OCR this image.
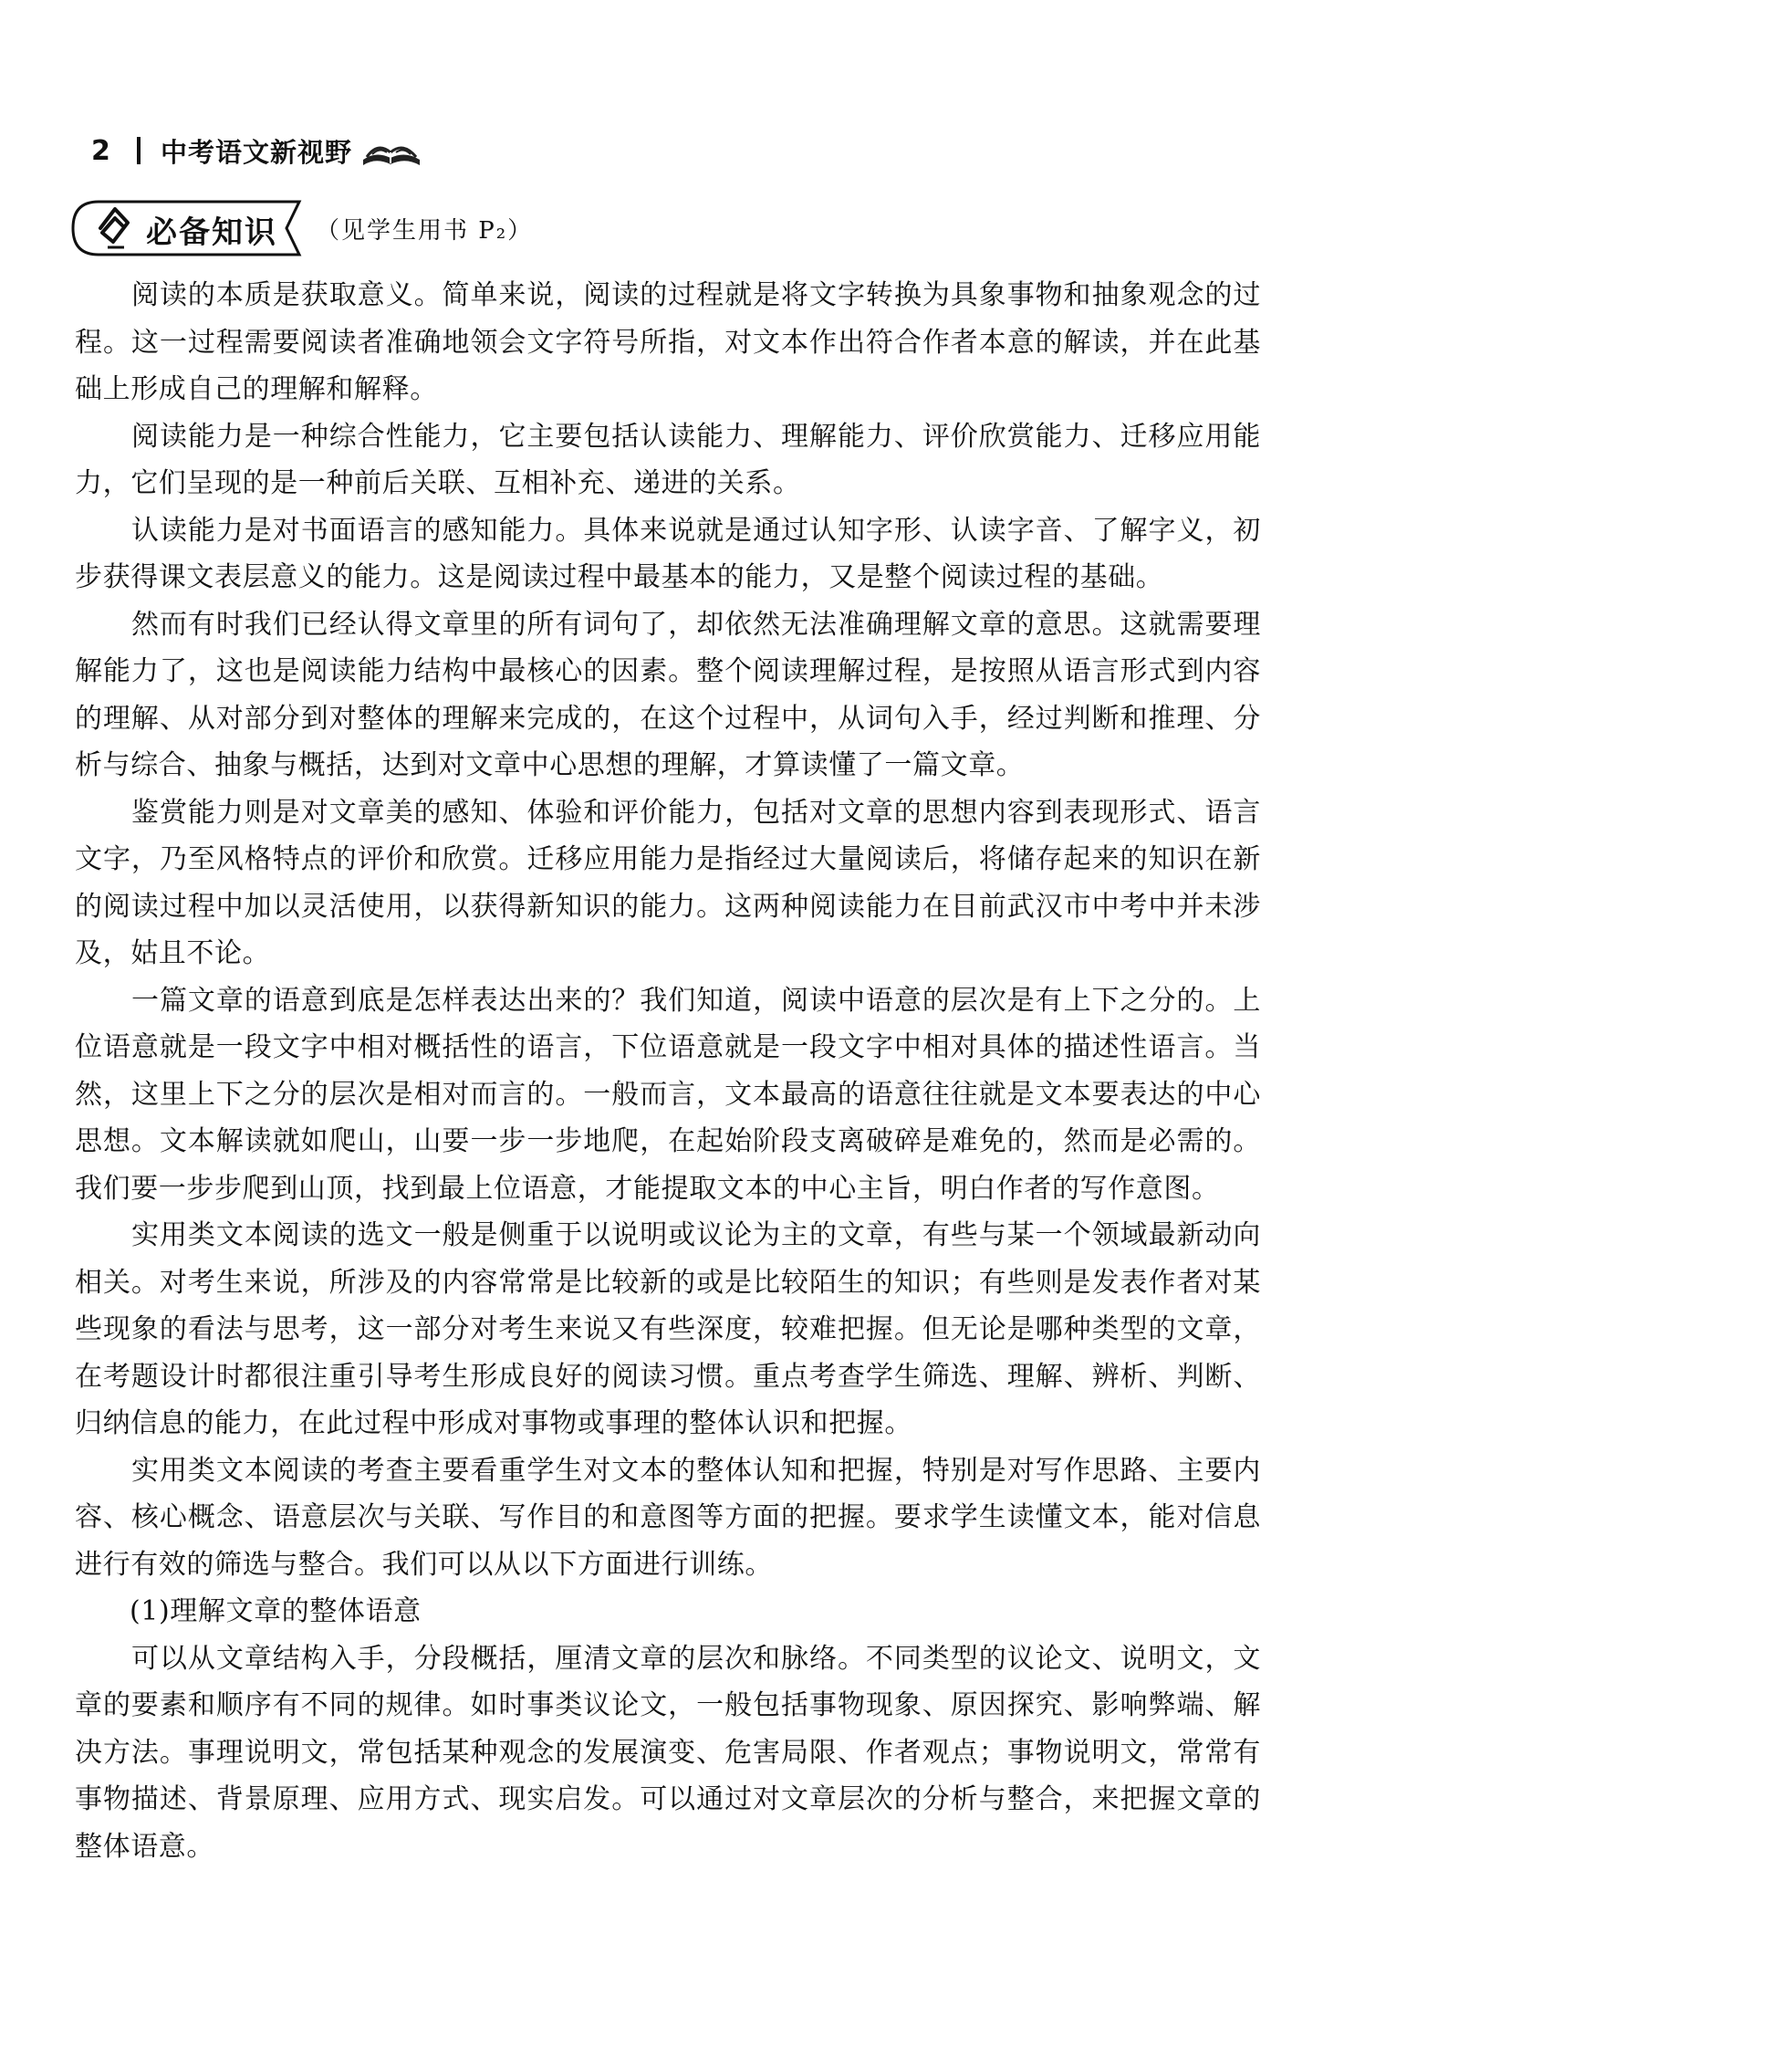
2	中考语文新视野
必备知识 （见学生用书 P₂）

阅读的本质是获取意义。简单来说，阅读的过程就是将文字转换为具象事物和抽象观念的过程。这一过程需要阅读者准确地领会文字符号所指，对文本作出符合作者本意的解读，并在此基础上形成自己的理解和解释。

阅读能力是一种综合性能力，它主要包括认读能力、理解能力、评价欣赏能力、迁移应用能力，它们呈现的是一种前后关联、互相补充、递进的关系。

认读能力是对书面语言的感知能力。具体来说就是通过认知字形、认读字音、了解字义，初步获得课文表层意义的能力。这是阅读过程中最基本的能力，又是整个阅读过程的基础。

然而有时我们已经认得文章里的所有词句了，却依然无法准确理解文章的意思。这就需要理解能力了，这也是阅读能力结构中最核心的因素。整个阅读理解过程，是按照从语言形式到内容的理解、从对部分到对整体的理解来完成的，在这个过程中，从词句入手，经过判断和推理、分析与综合、抽象与概括，达到对文章中心思想的理解，才算读懂了一篇文章。

鉴赏能力则是对文章美的感知、体验和评价能力，包括对文章的思想内容到表现形式、语言文字，乃至风格特点的评价和欣赏。迁移应用能力是指经过大量阅读后，将储存起来的知识在新的阅读过程中加以灵活使用，以获得新知识的能力。这两种阅读能力在目前武汉市中考中并未涉及，姑且不论。

一篇文章的语意到底是怎样表达出来的？我们知道，阅读中语意的层次是有上下之分的。上位语意就是一段文字中相对概括性的语言，下位语意就是一段文字中相对具体的描述性语言。当然，这里上下之分的层次是相对而言的。一般而言，文本最高的语意往往就是文本要表达的中心思想。文本解读就如爬山，山要一步一步地爬，在起始阶段支离破碎是难免的，然而是必需的。我们要一步步爬到山顶，找到最上位语意，才能提取文本的中心主旨，明白作者的写作意图。

实用类文本阅读的选文一般是侧重于以说明或议论为主的文章，有些与某一个领域最新动向相关。对考生来说，所涉及的内容常常是比较新的或是比较陌生的知识；有些则是发表作者对某些现象的看法与思考，这一部分对考生来说又有些深度，较难把握。但无论是哪种类型的文章，在考题设计时都很注重引导考生形成良好的阅读习惯。重点考查学生筛选、理解、辨析、判断、归纳信息的能力，在此过程中形成对事物或事理的整体认识和把握。

实用类文本阅读的考查主要看重学生对文本的整体认知和把握，特别是对写作思路、主要内容、核心概念、语意层次与关联、写作目的和意图等方面的把握。要求学生读懂文本，能对信息进行有效的筛选与整合。我们可以从以下方面进行训练。

(1)理解文章的整体语意

可以从文章结构入手，分段概括，厘清文章的层次和脉络。不同类型的议论文、说明文，文章的要素和顺序有不同的规律。如时事类议论文，一般包括事物现象、原因探究、影响弊端、解决方法。事理说明文，常包括某种观念的发展演变、危害局限、作者观点；事物说明文，常常有事物描述、背景原理、应用方式、现实启发。可以通过对文章层次的分析与整合，来把握文章的整体语意。
